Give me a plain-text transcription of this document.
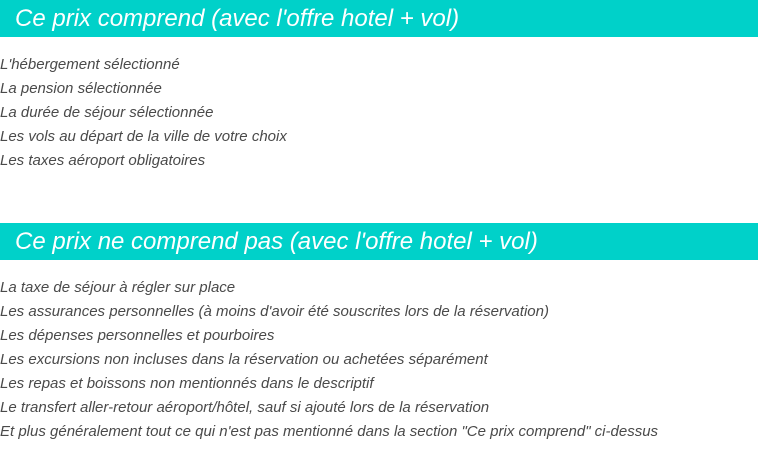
Ce prix comprend (avec l'offre hotel + vol)
L'hébergement sélectionné
La pension sélectionnée
La durée de séjour sélectionnée
Les vols au départ de la ville de votre choix
Les taxes aéroport obligatoires
Ce prix ne comprend pas (avec l'offre hotel + vol)
La taxe de séjour à régler sur place
Les assurances personnelles (à moins d'avoir été souscrites lors de la réservation)
Les dépenses personnelles et pourboires
Les excursions non incluses dans la réservation ou achetées séparément
Les repas et boissons non mentionnés dans le descriptif
Le transfert aller-retour aéroport/hôtel, sauf si ajouté lors de la réservation
Et plus généralement tout ce qui n'est pas mentionné dans la section "Ce prix comprend" ci-dessus
